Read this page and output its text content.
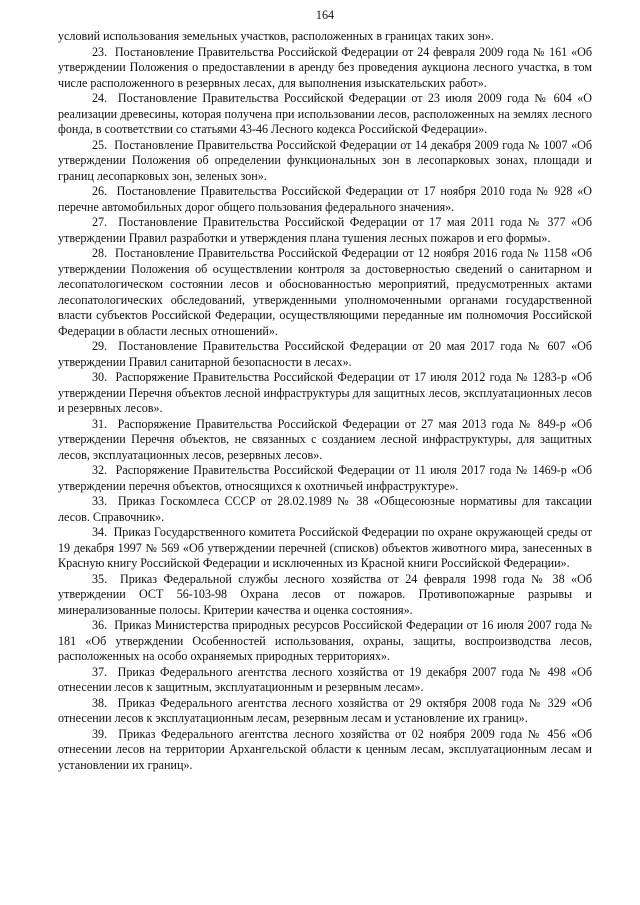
164

условий использования земельных участков, расположенных в границах таких зон».

23. Постановление Правительства Российской Федерации от 24 февраля 2009 года № 161 «Об утверждении Положения о предоставлении в аренду без проведения аукциона лесного участка, в том числе расположенного в резервных лесах, для выполнения изыскательских работ».

24. Постановление Правительства Российской Федерации от 23 июля 2009 года № 604 «О реализации древесины, которая получена при использовании лесов, расположенных на землях лесного фонда, в соответствии со статьями 43-46 Лесного кодекса Российской Федерации».

25. Постановление Правительства Российской Федерации от 14 декабря 2009 года № 1007 «Об утверждении Положения об определении функциональных зон в лесопарковых зонах, площади и границ лесопарковых зон, зеленых зон».

26. Постановление Правительства Российской Федерации от 17 ноября 2010 года № 928 «О перечне автомобильных дорог общего пользования федерального значения».

27. Постановление Правительства Российской Федерации от 17 мая 2011 года № 377 «Об утверждении Правил разработки и утверждения плана тушения лесных пожаров и его формы».

28. Постановление Правительства Российской Федерации от 12 ноября 2016 года № 1158 «Об утверждении Положения об осуществлении контроля за достоверностью сведений о санитарном и лесопатологическом состоянии лесов и обоснованностью мероприятий, предусмотренных актами лесопатологических обследований, утвержденными уполномоченными органами государственной власти субъектов Российской Федерации, осуществляющими переданные им полномочия Российской Федерации в области лесных отношений».

29. Постановление Правительства Российской Федерации от 20 мая 2017 года № 607 «Об утверждении Правил санитарной безопасности в лесах».

30. Распоряжение Правительства Российской Федерации от 17 июля 2012 года № 1283-р «Об утверждении Перечня объектов лесной инфраструктуры для защитных лесов, эксплуатационных лесов и резервных лесов».

31. Распоряжение Правительства Российской Федерации от 27 мая 2013 года № 849-р «Об утверждении Перечня объектов, не связанных с созданием лесной инфраструктуры, для защитных лесов, эксплуатационных лесов, резервных лесов».

32. Распоряжение Правительства Российской Федерации от 11 июля 2017 года № 1469-р «Об утверждении перечня объектов, относящихся к охотничьей инфраструктуре».

33. Приказ Госкомлеса СССР от 28.02.1989 № 38 «Общесоюзные нормативы для таксации лесов. Справочник».

34. Приказ Государственного комитета Российской Федерации по охране окружающей среды от 19 декабря 1997 № 569 «Об утверждении перечней (списков) объектов животного мира, занесенных в Красную книгу Российской Федерации и исключенных из Красной книги Российской Федерации».

35. Приказ Федеральной службы лесного хозяйства от 24 февраля 1998 года № 38 «Об утверждении ОСТ 56-103-98 Охрана лесов от пожаров. Противопожарные разрывы и минерализованные полосы. Критерии качества и оценка состояния».

36. Приказ Министерства природных ресурсов Российской Федерации от 16 июля 2007 года № 181 «Об утверждении Особенностей использования, охраны, защиты, воспроизводства лесов, расположенных на особо охраняемых природных территориях».

37. Приказ Федерального агентства лесного хозяйства от 19 декабря 2007 года № 498 «Об отнесении лесов к защитным, эксплуатационным и резервным лесам».

38. Приказ Федерального агентства лесного хозяйства от 29 октября 2008 года № 329 «Об отнесении лесов к эксплуатационным лесам, резервным лесам и установление их границ».

39. Приказ Федерального агентства лесного хозяйства от 02 ноября 2009 года № 456 «Об отнесении лесов на территории Архангельской области к ценным лесам, эксплуатационным лесам и установлении их границ».
